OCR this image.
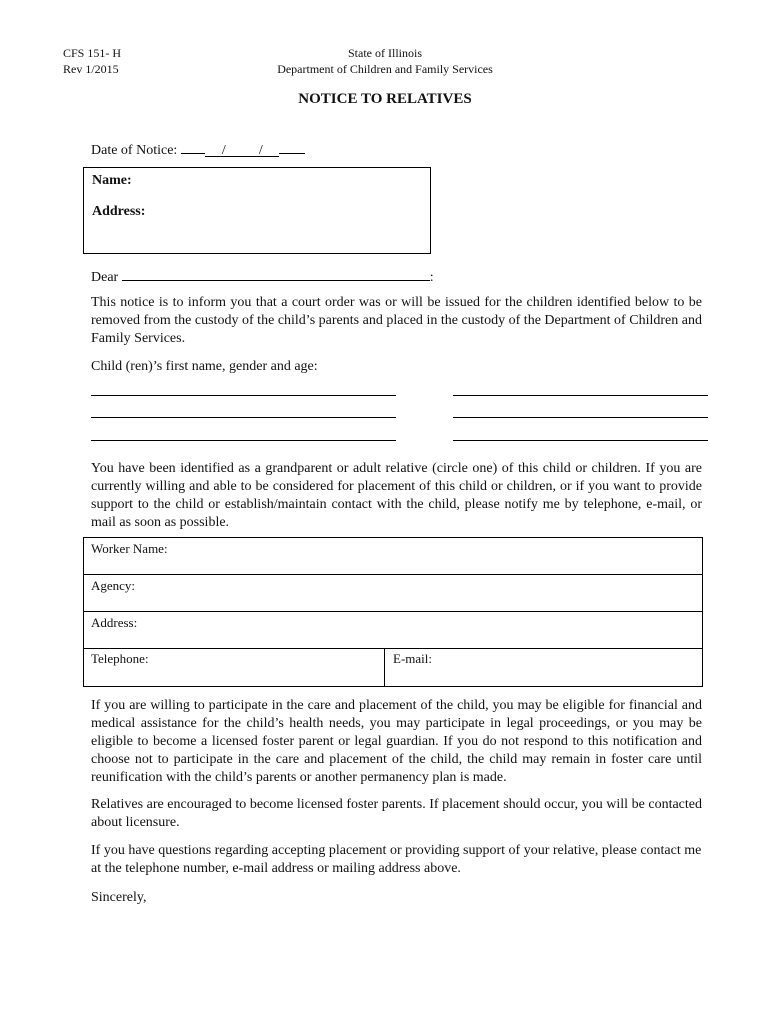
CFS 151- H
Rev 1/2015
State of Illinois
Department of Children and Family Services
NOTICE TO RELATIVES
Date of Notice:	/ /
Name:
Address:
Dear	:
This notice is to inform you that a court order was or will be issued for the children identified below to be removed from the custody of the child’s parents and placed in the custody of the Department of Children and Family Services.
Child (ren)’s first name, gender and age:
You have been identified as a grandparent or adult relative (circle one) of this child or children. If you are currently willing and able to be considered for placement of this child or children, or if you want to provide support to the child or establish/maintain contact with the child, please notify me by telephone, e-mail, or mail as soon as possible.
Worker Name:
Agency:
Address:
Telephone:	E-mail:
If you are willing to participate in the care and placement of the child, you may be eligible for financial and medical assistance for the child’s health needs, you may participate in legal proceedings, or you may be eligible to become a licensed foster parent or legal guardian. If you do not respond to this notification and choose not to participate in the care and placement of the child, the child may remain in foster care until reunification with the child’s parents or another permanency plan is made.
Relatives are encouraged to become licensed foster parents. If placement should occur, you will be contacted about licensure.
If you have questions regarding accepting placement or providing support of your relative, please contact me at the telephone number, e-mail address or mailing address above.
Sincerely,
